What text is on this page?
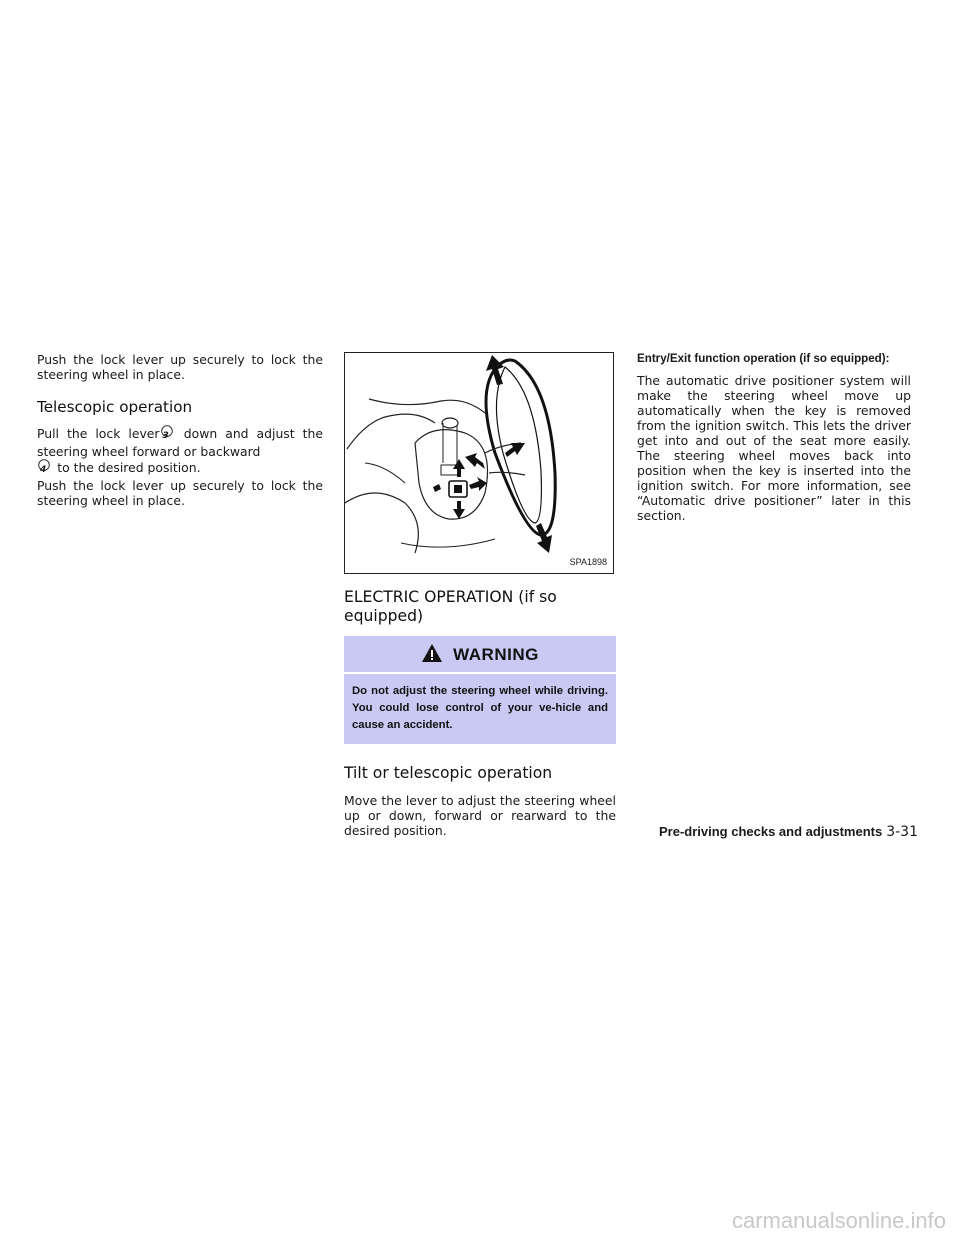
Push the lock lever up securely to lock the steering wheel in place.

Telescopic operation

Pull the lock lever 3 down and adjust the steering wheel forward or backward
4 to the desired position.

Push the lock lever up securely to lock the steering wheel in place.

SPA1898
ELECTRIC OPERATION (if so equipped)
WARNING
Do not adjust the steering wheel while driving. You could lose control of your ve-hicle and cause an accident.
Tilt or telescopic operation

Move the lever to adjust the steering wheel up or down, forward or rearward to the desired position.

Entry/Exit function operation (if so equipped):

The automatic drive positioner system will make the steering wheel move up automatically when the key is removed from the ignition switch. This lets the driver get into and out of the seat more easily. The steering wheel moves back into position when the key is inserted into the ignition switch. For more information, see “Automatic drive positioner” later in this section.

Pre-driving checks and adjustments 3-31
carmanualsonline.info
